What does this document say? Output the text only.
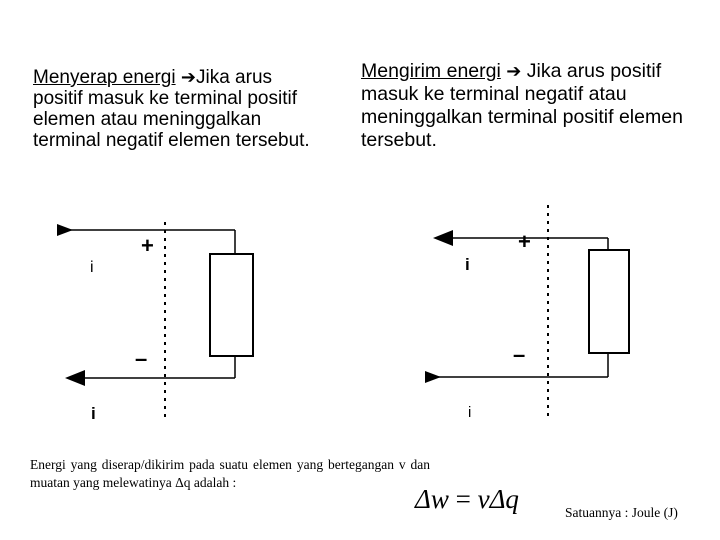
Menyerap energi ➔Jika arus positif masuk ke terminal positif elemen atau meninggalkan terminal negatif elemen tersebut.
Mengirim energi ➔ Jika arus positif masuk ke terminal negatif atau meninggalkan terminal positif elemen tersebut.
+
–
i
i
+
–
i
i
Energi yang diserap/dikirim pada suatu elemen yang bertegangan v dan muatan yang melewatinya Δq adalah :
Δw = vΔq	Satuannya : Joule (J)
